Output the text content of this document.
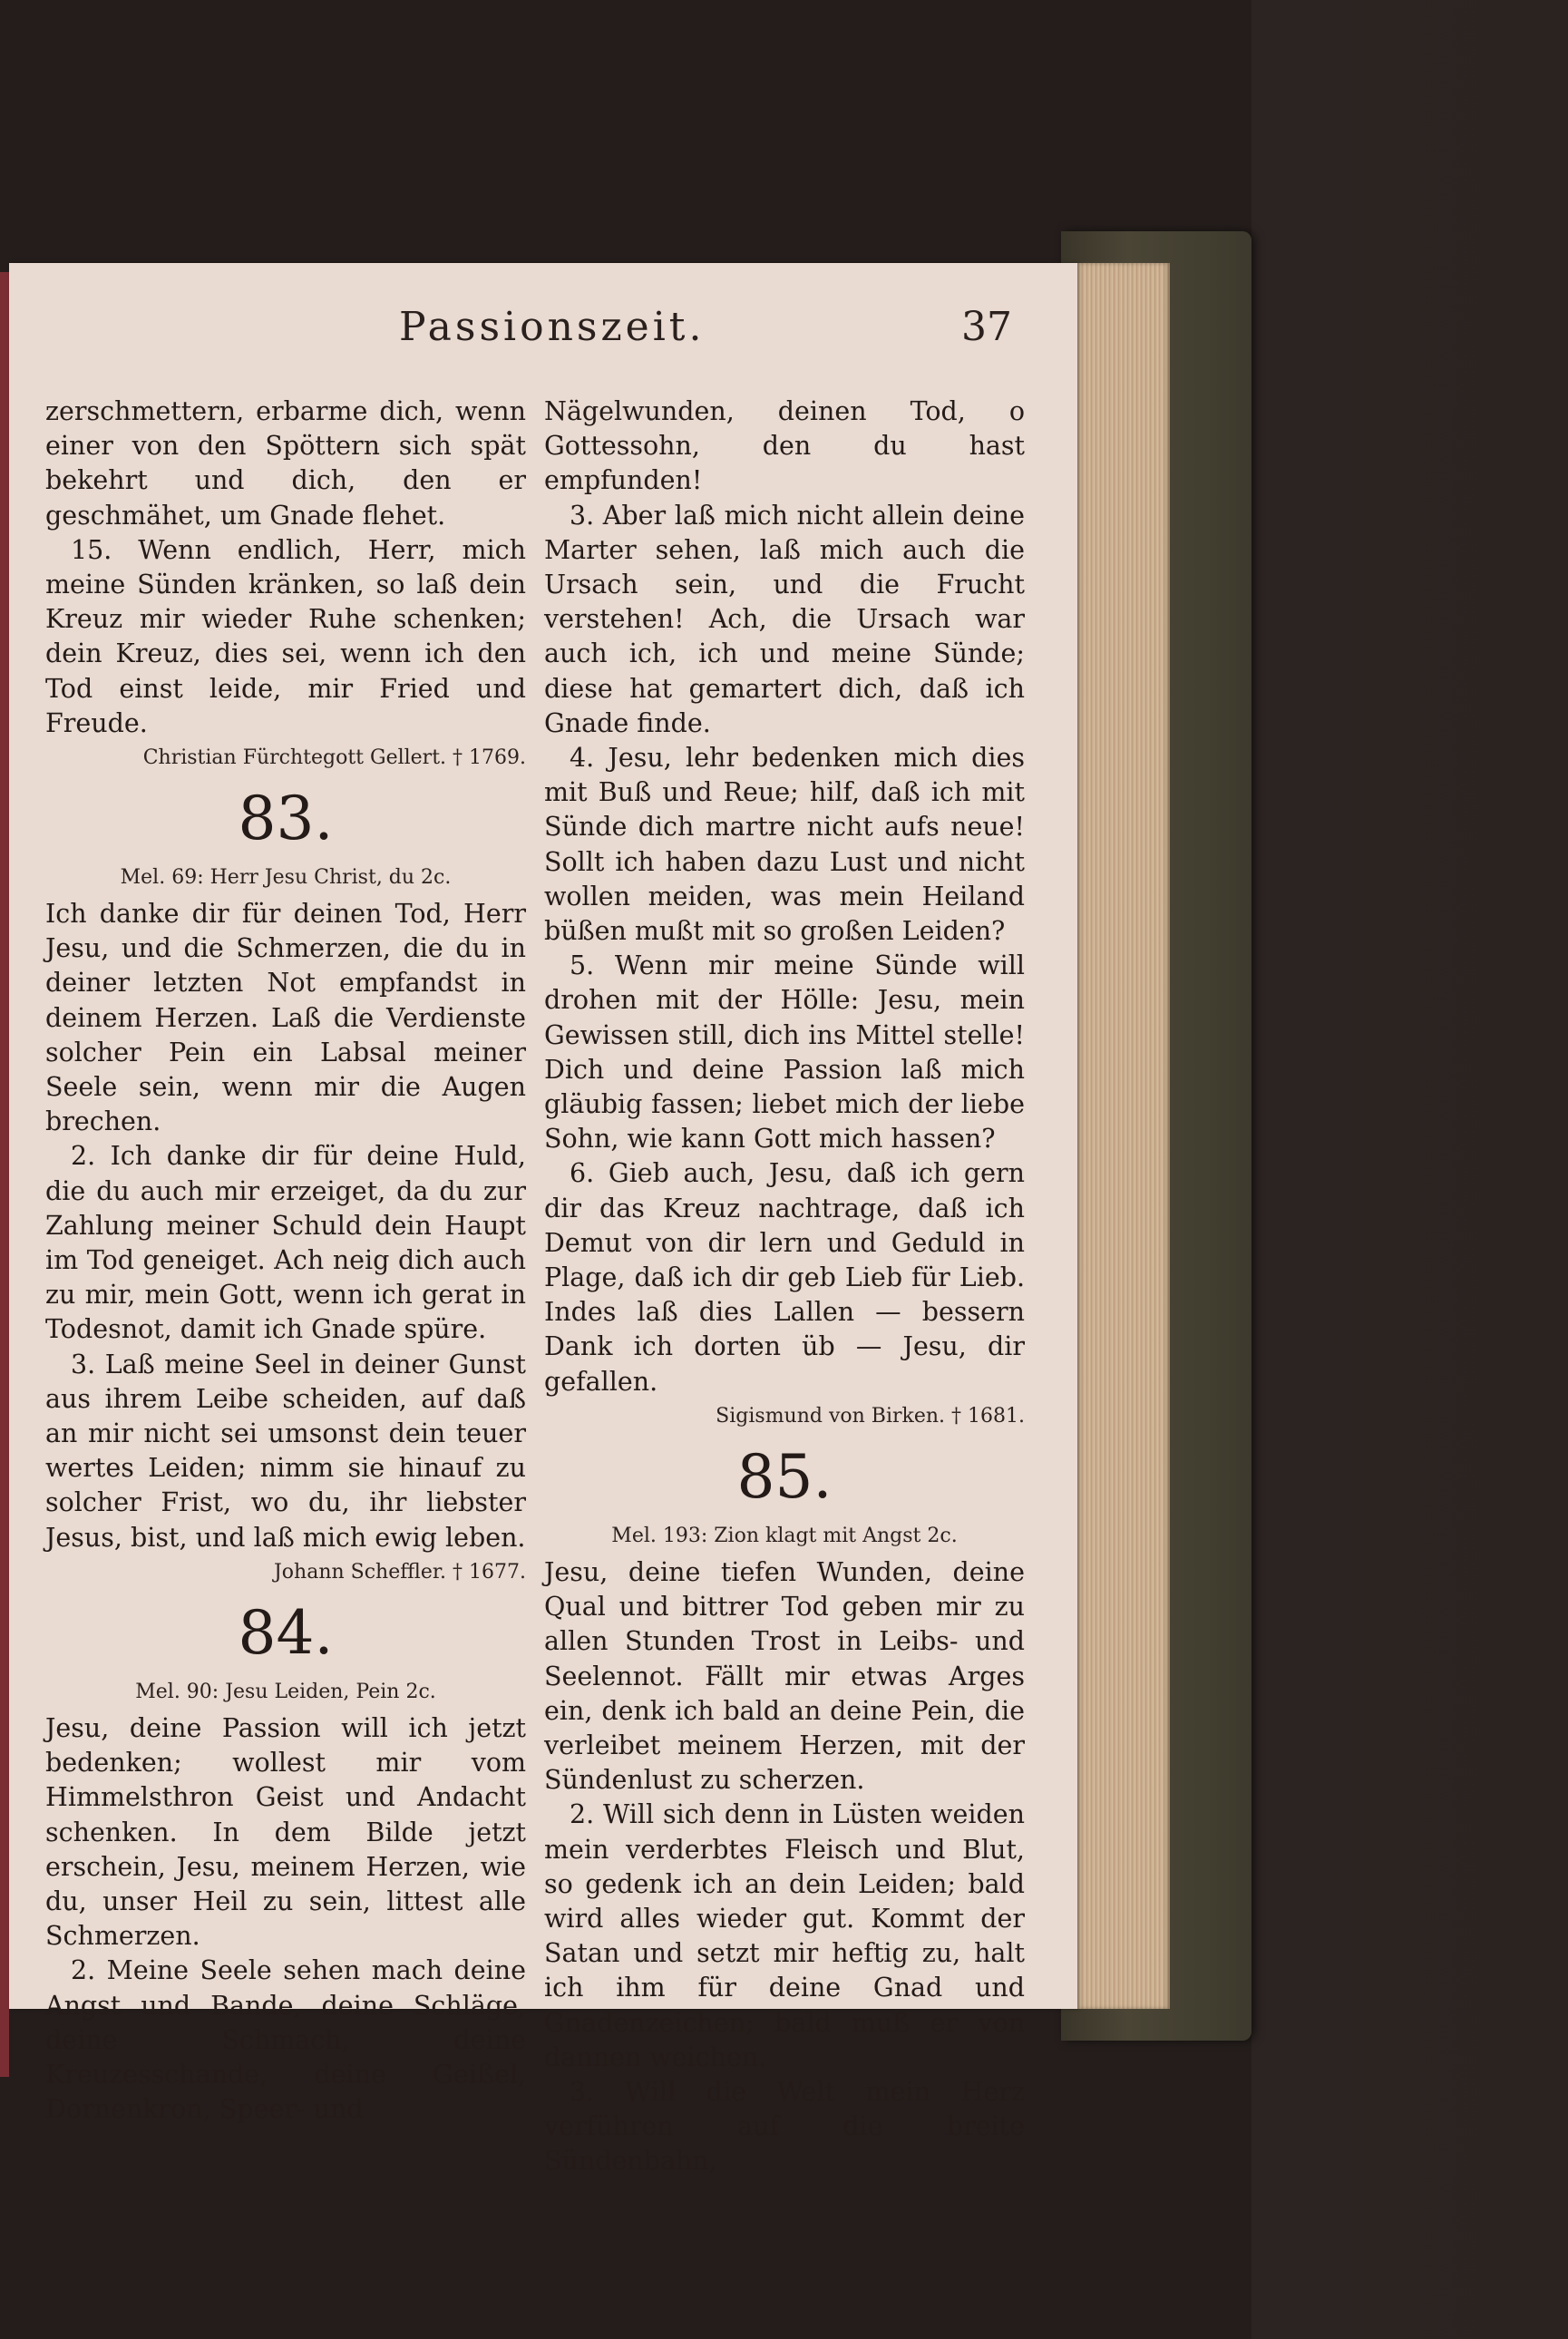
Passionszeit.	37

zerschmettern, erbarme dich, wenn einer von den Spöttern sich spät bekehrt und dich, den er geschmähet, um Gnade flehet.

15. Wenn endlich, Herr, mich meine Sünden kränken, so laß dein Kreuz mir wieder Ruhe schenken; dein Kreuz, dies sei, wenn ich den Tod einst leide, mir Fried und Freude.

Christian Fürchtegott Gellert. † 1769.

83.
Mel. 69: Herr Jesu Christ, du 2c.

Ich danke dir für deinen Tod, Herr Jesu, und die Schmerzen, die du in deiner letzten Not empfandst in deinem Herzen. Laß die Verdienste solcher Pein ein Labsal meiner Seele sein, wenn mir die Augen brechen.

2. Ich danke dir für deine Huld, die du auch mir erzeiget, da du zur Zahlung meiner Schuld dein Haupt im Tod geneiget. Ach neig dich auch zu mir, mein Gott, wenn ich gerat in Todesnot, damit ich Gnade spüre.

3. Laß meine Seel in deiner Gunst aus ihrem Leibe scheiden, auf daß an mir nicht sei umsonst dein teuer wertes Leiden; nimm sie hinauf zu solcher Frist, wo du, ihr liebster Jesus, bist, und laß mich ewig leben.

Johann Scheffler. † 1677.

84.
Mel. 90: Jesu Leiden, Pein 2c.

Jesu, deine Passion will ich jetzt bedenken; wollest mir vom Himmelsthron Geist und Andacht schenken. In dem Bilde jetzt erschein, Jesu, meinem Herzen, wie du, unser Heil zu sein, littest alle Schmerzen.

2. Meine Seele sehen mach deine Angst und Bande, deine Schläge, deine Schmach, deine Kreuzesschande, deine Geißel, Dornenkron, Speer- und

Nägelwunden, deinen Tod, o Gottessohn, den du hast empfunden!

3. Aber laß mich nicht allein deine Marter sehen, laß mich auch die Ursach sein, und die Frucht verstehen! Ach, die Ursach war auch ich, ich und meine Sünde; diese hat gemartert dich, daß ich Gnade finde.

4. Jesu, lehr bedenken mich dies mit Buß und Reue; hilf, daß ich mit Sünde dich martre nicht aufs neue! Sollt ich haben dazu Lust und nicht wollen meiden, was mein Heiland büßen mußt mit so großen Leiden?

5. Wenn mir meine Sünde will drohen mit der Hölle: Jesu, mein Gewissen still, dich ins Mittel stelle! Dich und deine Passion laß mich gläubig fassen; liebet mich der liebe Sohn, wie kann Gott mich hassen?

6. Gieb auch, Jesu, daß ich gern dir das Kreuz nachtrage, daß ich Demut von dir lern und Geduld in Plage, daß ich dir geb Lieb für Lieb. Indes laß dies Lallen — bessern Dank ich dorten üb — Jesu, dir gefallen.

Sigismund von Birken. † 1681.

85.
Mel. 193: Zion klagt mit Angst 2c.

Jesu, deine tiefen Wunden, deine Qual und bittrer Tod geben mir zu allen Stunden Trost in Leibs- und Seelennot. Fällt mir etwas Arges ein, denk ich bald an deine Pein, die verleibet meinem Herzen, mit der Sündenlust zu scherzen.

2. Will sich denn in Lüsten weiden mein verderbtes Fleisch und Blut, so gedenk ich an dein Leiden; bald wird alles wieder gut. Kommt der Satan und setzt mir heftig zu, halt ich ihm für deine Gnad und Gnadenzeichen; bald muß er von dannen weichen.

3. Will die Welt mein Herz verführen auf die breite Sündenbahn,
